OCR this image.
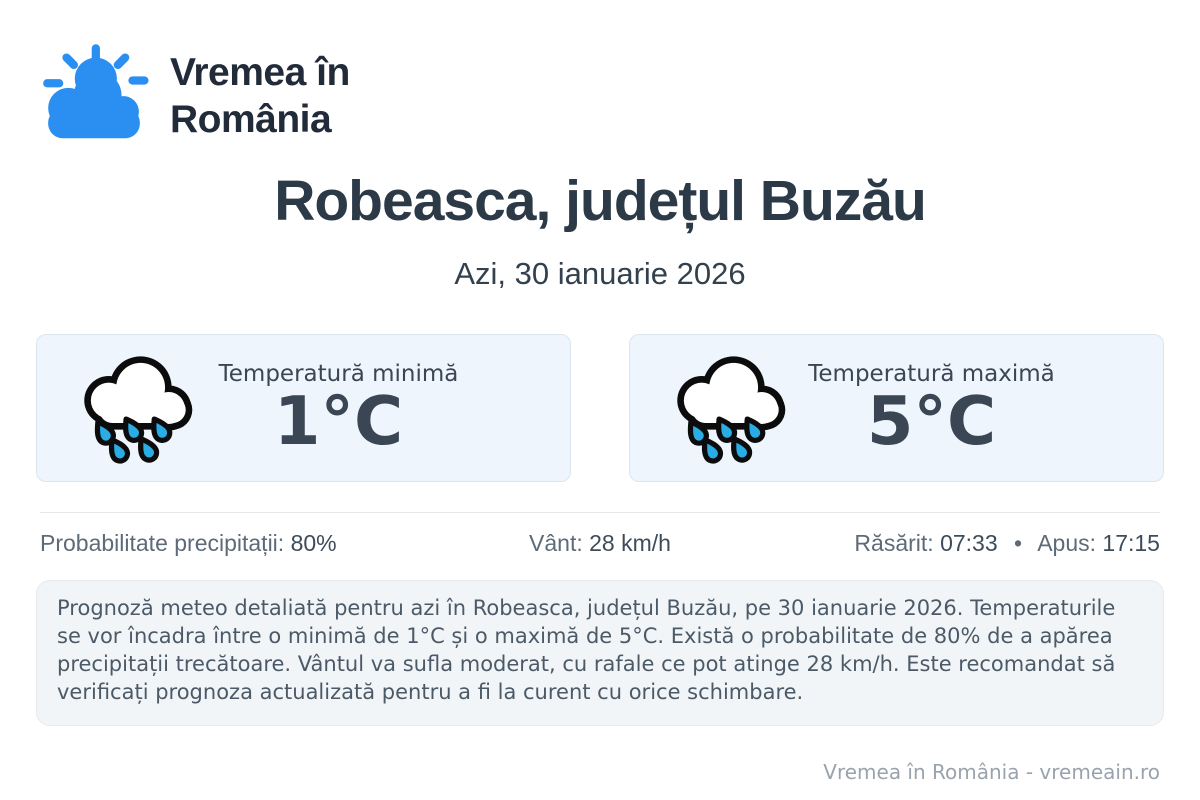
Vremea în
România
Robeasca, județul Buzău
Azi, 30 ianuarie 2026
Temperatură minimă
1°C
Temperatură maximă
5°C
Probabilitate precipitații: 80%	Vânt: 28 km/h	Răsărit: 07:33 • Apus: 17:15

Prognoză meteo detaliată pentru azi în Robeasca, județul Buzău, pe 30 ianuarie 2026. Temperaturile se vor încadra între o minimă de 1°C și o maximă de 5°C. Există o probabilitate de 80% de a apărea precipitații trecătoare. Vântul va sufla moderat, cu rafale ce pot atinge 28 km/h. Este recomandat să verificați prognoza actualizată pentru a fi la curent cu orice schimbare.

Vremea în România - vremeain.ro
